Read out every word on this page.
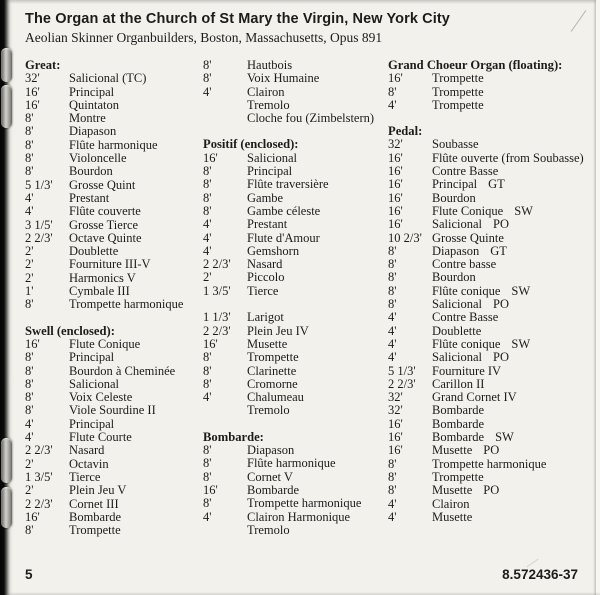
The Organ at the Church of St Mary the Virgin, New York City
Aeolian Skinner Organbuilders, Boston, Massachusetts, Opus 891
Great:
32' Salicional (TC)
16' Principal
16' Quintaton
8'	Montre
8'	Diapason
8'	Flûte harmonique
8'	Violoncelle
8'	Bourdon
5 1/3' Grosse Quint
4'	Prestant
4'	Flûte couverte
3 1/5' Grosse Tierce
2 2/3' Octave Quinte
2'	Doublette
2'	Fourniture III-V
2'	Harmonics V
1'	Cymbale III
8'	Trompette harmonique
Swell (enclosed):
16' Flute Conique
8'	Principal
8'	Bourdon à Cheminée
8'	Salicional
8'	Voix Celeste
8'	Viole Sourdine II
4'	Principal
4'	Flute Courte
2 2/3' Nasard
2'	Octavin
1 3/5' Tierce
2'	Plein Jeu V
2 2/3' Cornet III
16' Bombarde
8'	Trompette
8'	Hautbois
8'	Voix Humaine
4'	Clairon
Tremolo
Cloche fou (Zimbelstern)
Positif (enclosed):
16' Salicional
8'	Principal
8'	Flûte traversière
8'	Gambe
8'	Gambe céleste
4'	Prestant
4'	Flute d'Amour
4'	Gemshorn
2 2/3' Nasard
2'	Piccolo
1 3/5' Tierce
1 1/3' Larigot
2 2/3' Plein Jeu IV
16' Musette
8'	Trompette
8'	Clarinette
8'	Cromorne
4'	Chalumeau
Tremolo
Bombarde:
8'	Diapason
8'	Flûte harmonique
8'	Cornet V
16' Bombarde
8'	Trompette harmonique
4'	Clairon Harmonique
Tremolo
Grand Choeur Organ (floating):
16' Trompette
8'	Trompette
4'	Trompette
Pedal:
32' Soubasse
16' Flûte ouverte (from Soubasse)
16' Contre Basse
16' Principal GT
16' Bourdon
16' Flute Conique SW
16' Salicional PO
10 2/3' Grosse Quinte
8'	Diapason GT
8'	Contre basse
8'	Bourdon
8'	Flûte conique SW
8'	Salicional PO
4'	Contre Basse
4'	Doublette
4'	Flûte conique SW
4'	Salicional PO
5 1/3' Fourniture IV
2 2/3' Carillon II
32' Grand Cornet IV
32' Bombarde
16' Bombarde
16' Bombarde SW
16' Musette PO
8'	Trompette harmonique
8'	Trompette
8'	Musette PO
4'	Clairon
4'	Musette
5	8.572436-37
